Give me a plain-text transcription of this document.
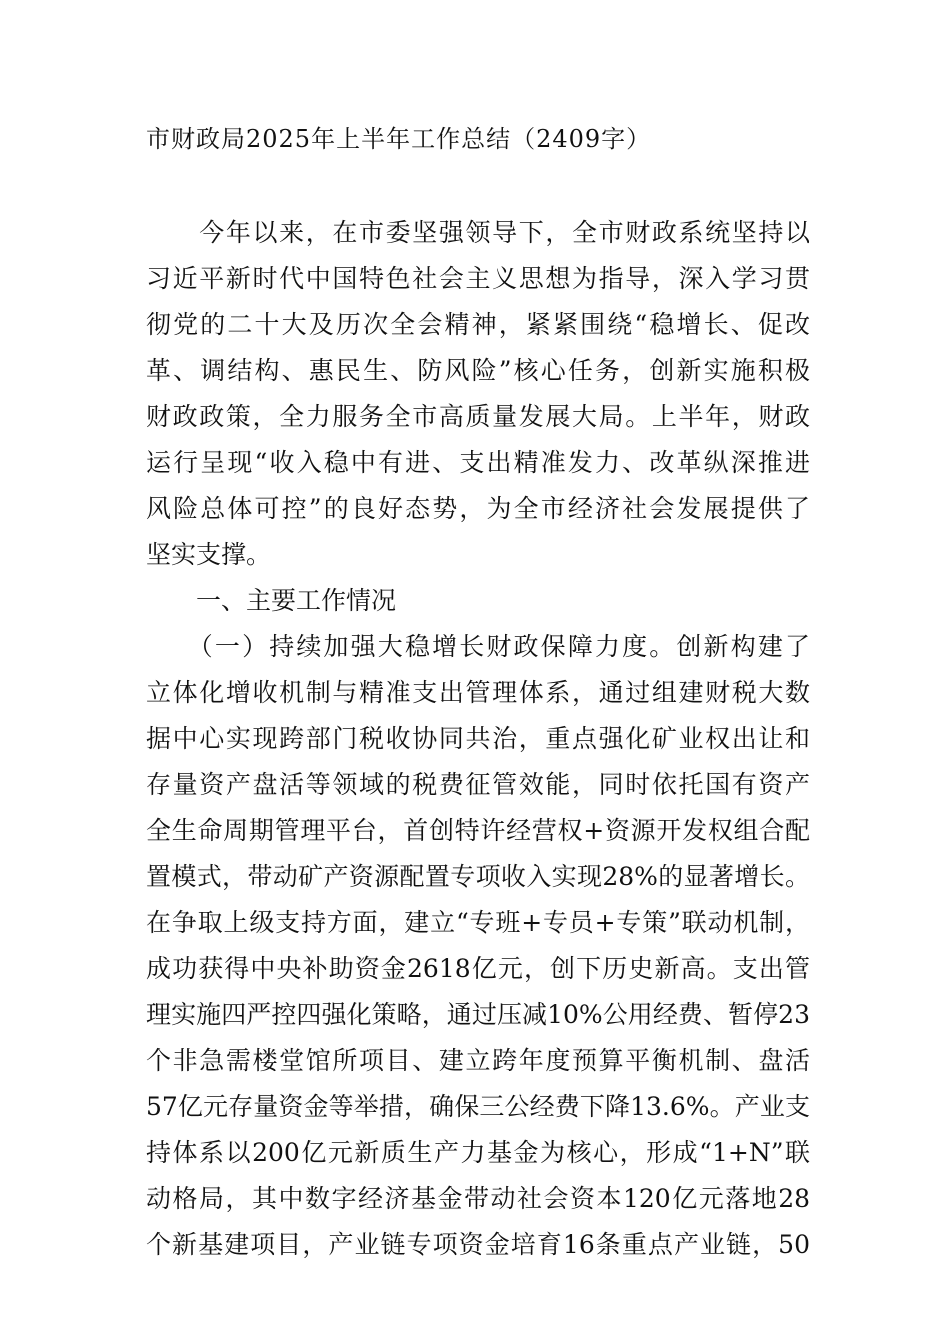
市财政局2025年上半年工作总结（2409字）
　　今年以来，在市委坚强领导下，全市财政系统坚持以
习近平新时代中国特色社会主义思想为指导，深入学习贯
彻党的二十大及历次全会精神，紧紧围绕“稳增长、促改
革、调结构、惠民生、防风险”核心任务，创新实施积极
财政政策，全力服务全市高质量发展大局。上半年，财政
运行呈现“收入稳中有进、支出精准发力、改革纵深推进
风险总体可控”的良好态势，为全市经济社会发展提供了
坚实支撑。
　　一、主要工作情况
　　（一）持续加强大稳增长财政保障力度。创新构建了
立体化增收机制与精准支出管理体系，通过组建财税大数
据中心实现跨部门税收协同共治，重点强化矿业权出让和
存量资产盘活等领域的税费征管效能，同时依托国有资产
全生命周期管理平台，首创特许经营权+资源开发权组合配
置模式，带动矿产资源配置专项收入实现28%的显著增长。
在争取上级支持方面，建立“专班+专员+专策”联动机制，
成功获得中央补助资金2618亿元，创下历史新高。支出管
理实施四严控四强化策略，通过压减10%公用经费、暂停23
个非急需楼堂馆所项目、建立跨年度预算平衡机制、盘活
57亿元存量资金等举措，确保三公经费下降13.6%。产业支
持体系以200亿元新质生产力基金为核心，形成“1+N”联
动格局，其中数字经济基金带动社会资本120亿元落地28
个新基建项目，产业链专项资金培育16条重点产业链，50
